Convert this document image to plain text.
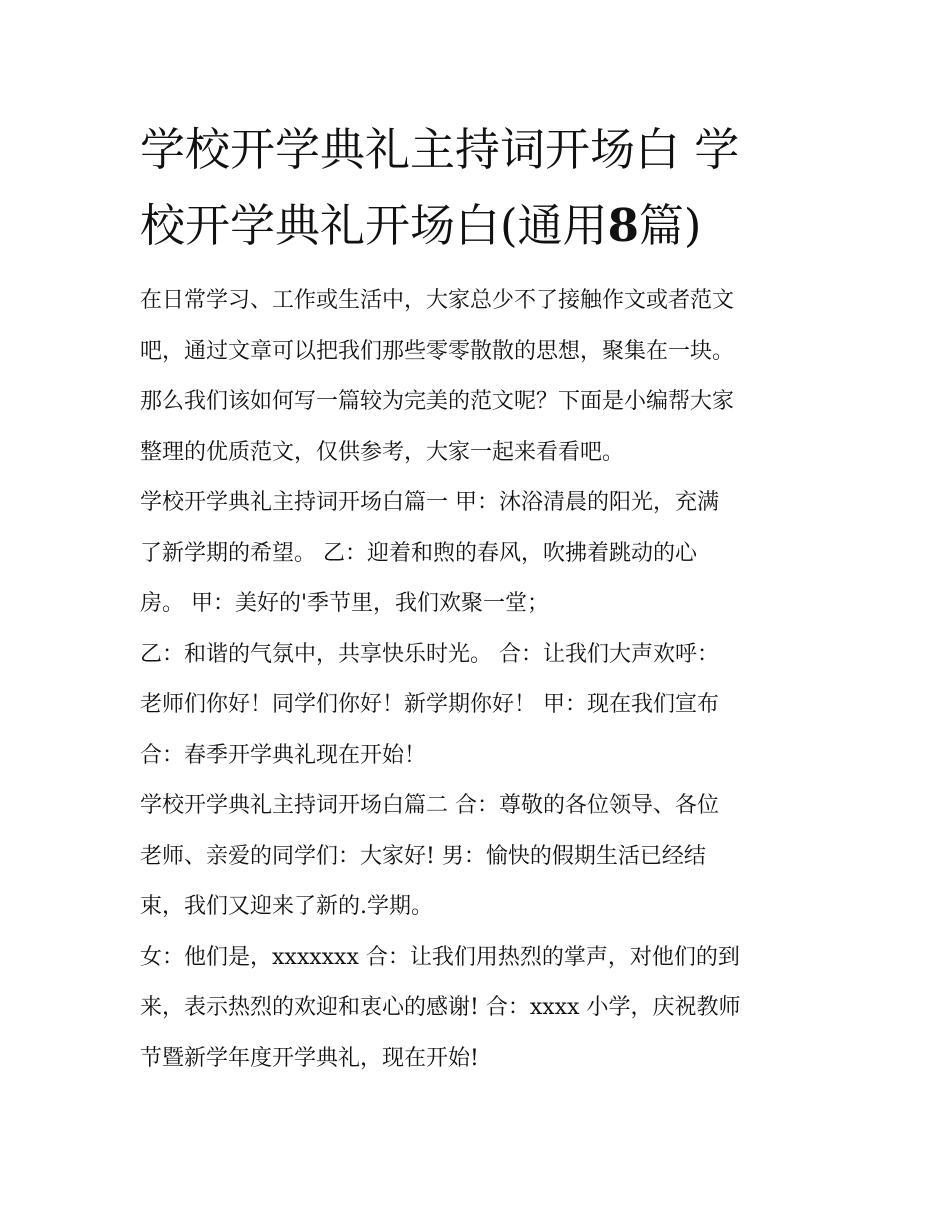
学校开学典礼主持词开场白 学
校开学典礼开场白(通用8篇)

在日常学习、工作或生活中，大家总少不了接触作文或者范文
吧，通过文章可以把我们那些零零散散的思想，聚集在一块。
那么我们该如何写一篇较为完美的范文呢？下面是小编帮大家
整理的优质范文，仅供参考，大家一起来看看吧。

学校开学典礼主持词开场白篇一 甲：沐浴清晨的阳光，充满
了新学期的希望。 乙：迎着和煦的春风，吹拂着跳动的心
房。 甲：美好的'季节里，我们欢聚一堂；

乙：和谐的气氛中，共享快乐时光。 合：让我们大声欢呼：
老师们你好！同学们你好！新学期你好！ 甲：现在我们宣布
合：春季开学典礼现在开始！

学校开学典礼主持词开场白篇二 合：尊敬的各位领导、各位
老师、亲爱的同学们：大家好! 男：愉快的假期生活已经结
束，我们又迎来了新的.学期。

女：他们是，xxxxxxx 合：让我们用热烈的掌声，对他们的到
来，表示热烈的欢迎和衷心的感谢! 合：xxxx 小学，庆祝教师
节暨新学年度开学典礼，现在开始!
